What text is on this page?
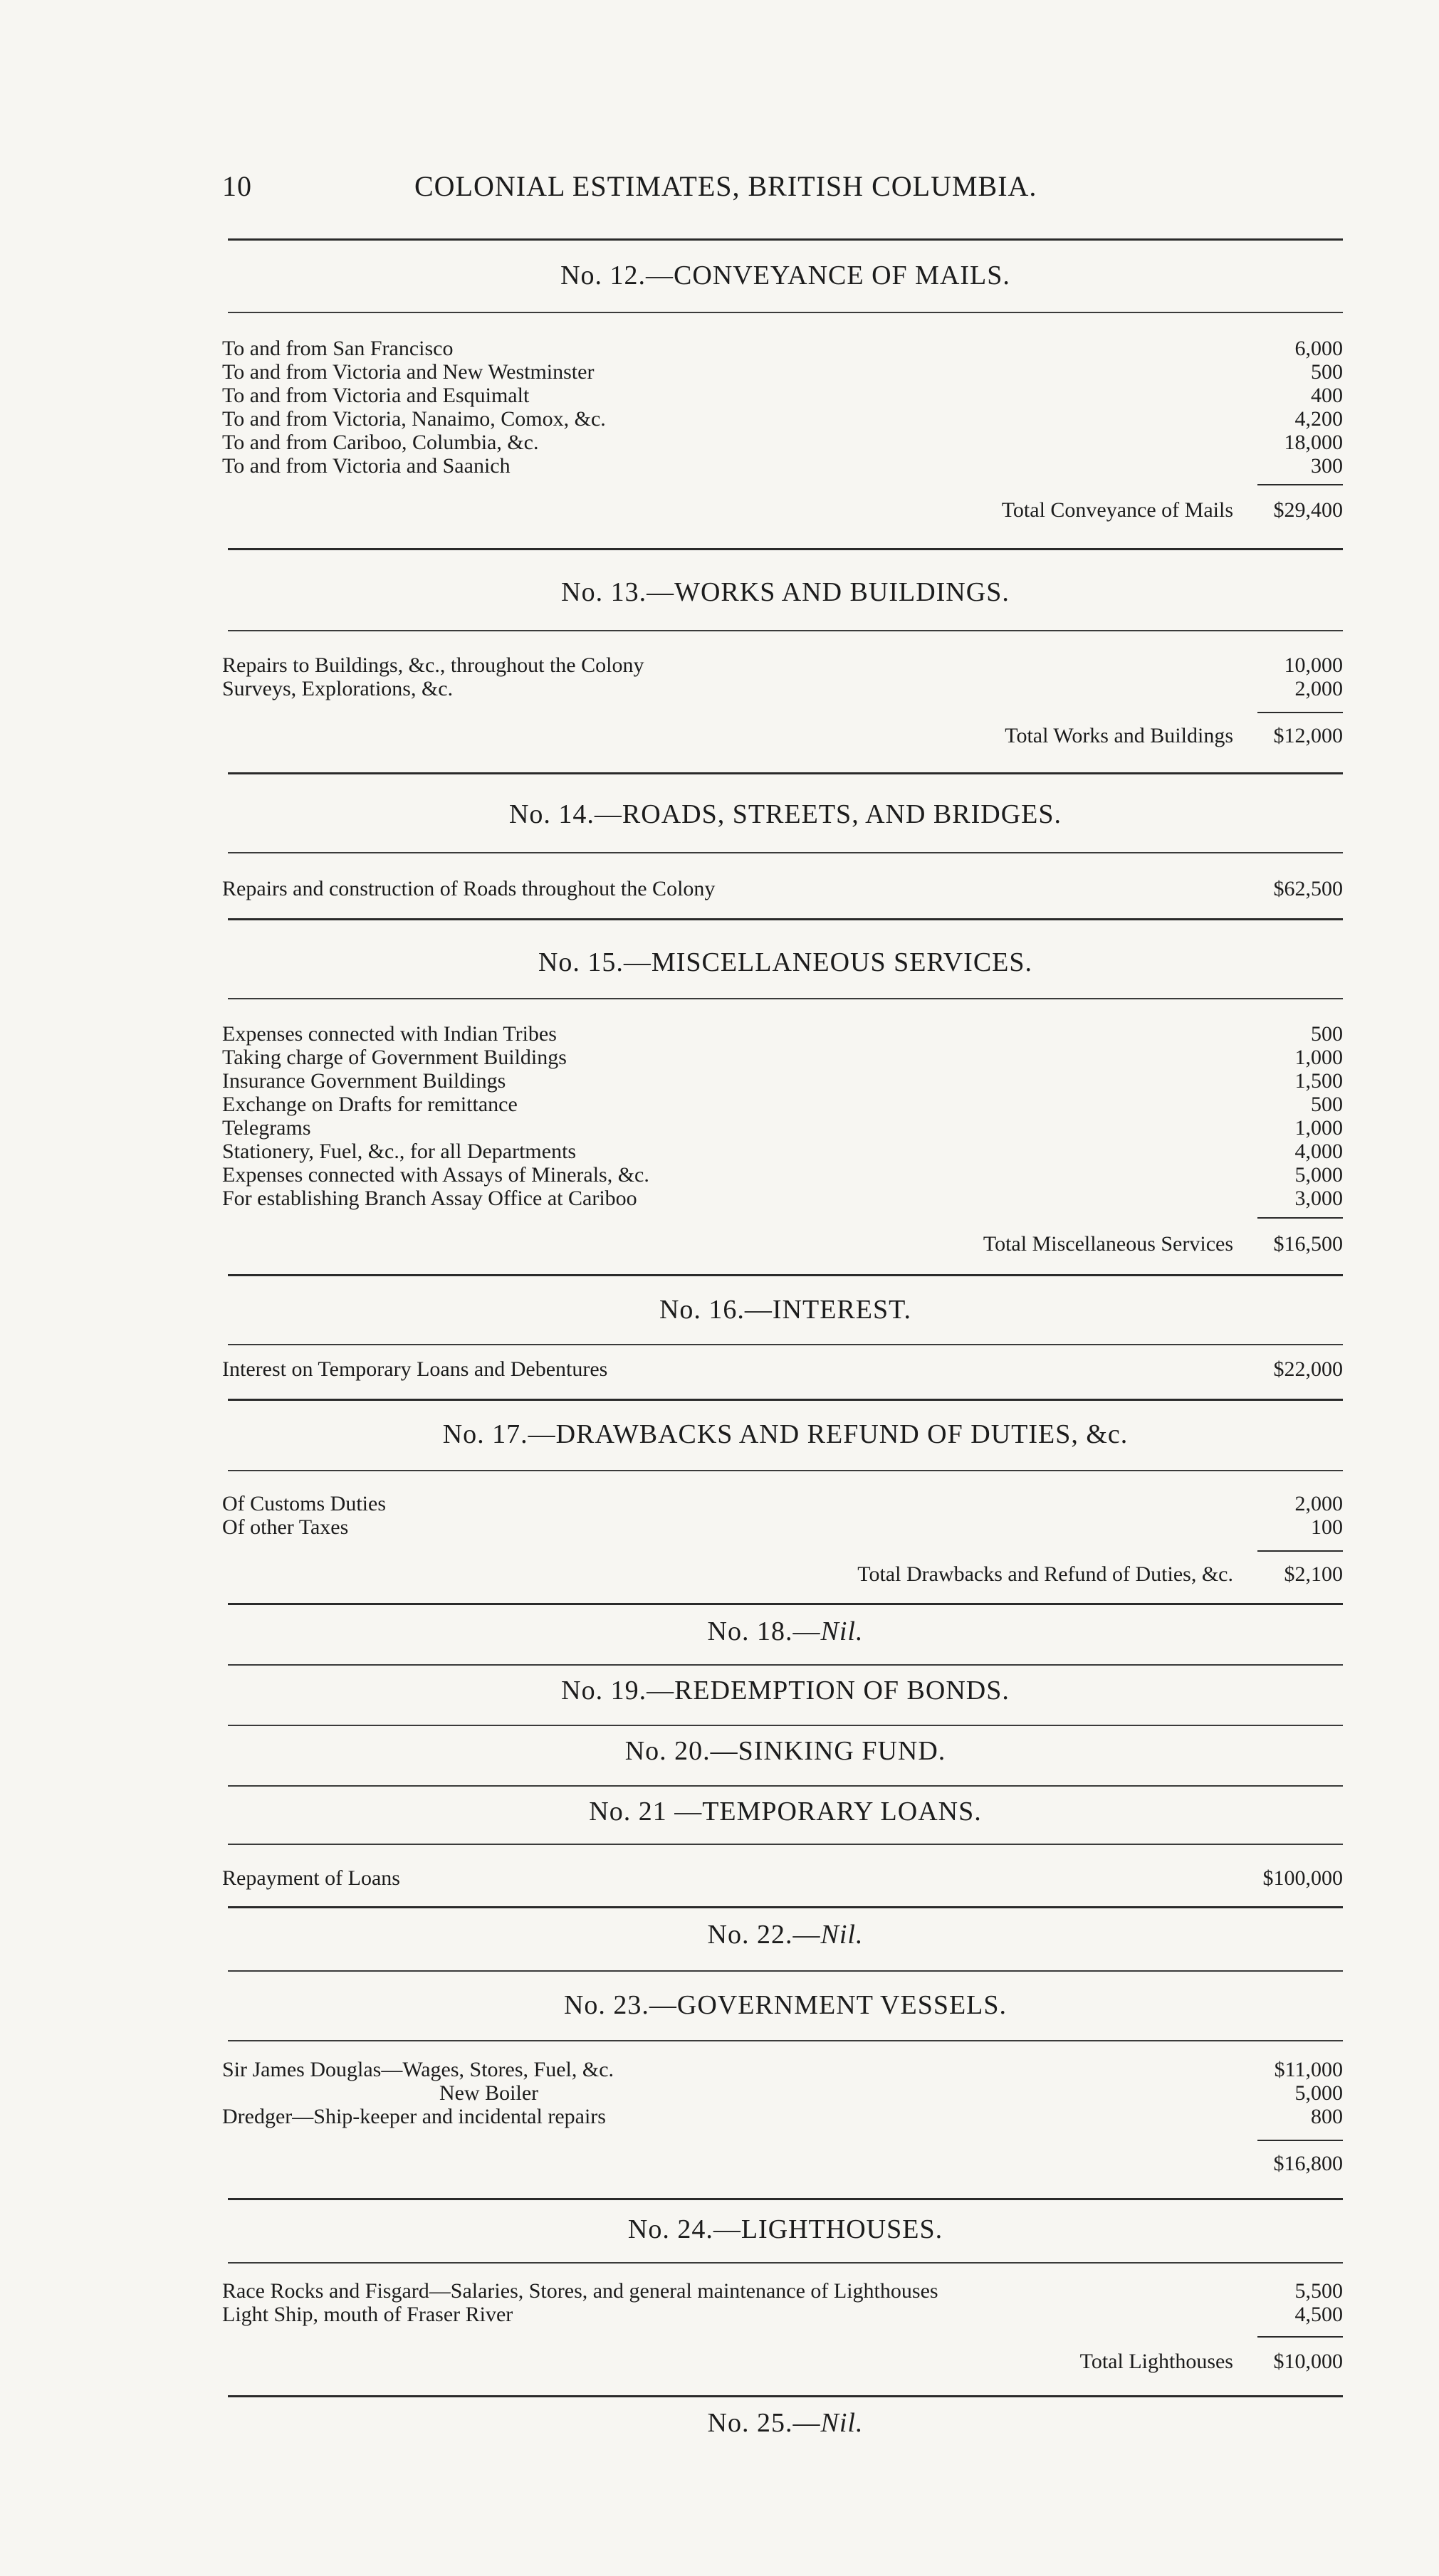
10	COLONIAL ESTIMATES, BRITISH COLUMBIA.
No. 12.—CONVEYANCE OF MAILS.
To and from San Francisco	6,000
To and from Victoria and New Westminster	500
To and from Victoria and Esquimalt	400
To and from Victoria, Nanaimo, Comox, &c.	4,200
To and from Cariboo, Columbia, &c.	18,000
To and from Victoria and Saanich	300
Total Conveyance of Mails $29,400
No. 13.—WORKS AND BUILDINGS.
Repairs to Buildings, &c., throughout the Colony	10,000
Surveys, Explorations, &c.	2,000
Total Works and Buildings $12,000
No. 14.—ROADS, STREETS, AND BRIDGES.
Repairs and construction of Roads throughout the Colony	$62,500
No. 15.—MISCELLANEOUS SERVICES.
Expenses connected with Indian Tribes	500
Taking charge of Government Buildings	1,000
Insurance Government Buildings	1,500
Exchange on Drafts for remittance	500
Telegrams	1,000
Stationery, Fuel, &c., for all Departments	4,000
Expenses connected with Assays of Minerals, &c.	5,000
For establishing Branch Assay Office at Cariboo	3,000
Total Miscellaneous Services $16,500
No. 16.—INTEREST.
Interest on Temporary Loans and Debentures	$22,000
No. 17.—DRAWBACKS AND REFUND OF DUTIES, &c.
Of Customs Duties	2,000
Of other Taxes	100
Total Drawbacks and Refund of Duties, &c. $2,100
No. 18.—Nil.
No. 19.—REDEMPTION OF BONDS.
No. 20.—SINKING FUND.
No. 21 —TEMPORARY LOANS.
Repayment of Loans	$100,000
No. 22.—Nil.
No. 23.—GOVERNMENT VESSELS.
Sir James Douglas—Wages, Stores, Fuel, &c.	$11,000
New Boiler	5,000
Dredger—Ship-keeper and incidental repairs	800
$16,800
No. 24.—LIGHTHOUSES.
Race Rocks and Fisgard—Salaries, Stores, and general maintenance of Lighthouses	5,500
Light Ship, mouth of Fraser River	4,500
Total Lighthouses $10,000
No. 25.—Nil.
